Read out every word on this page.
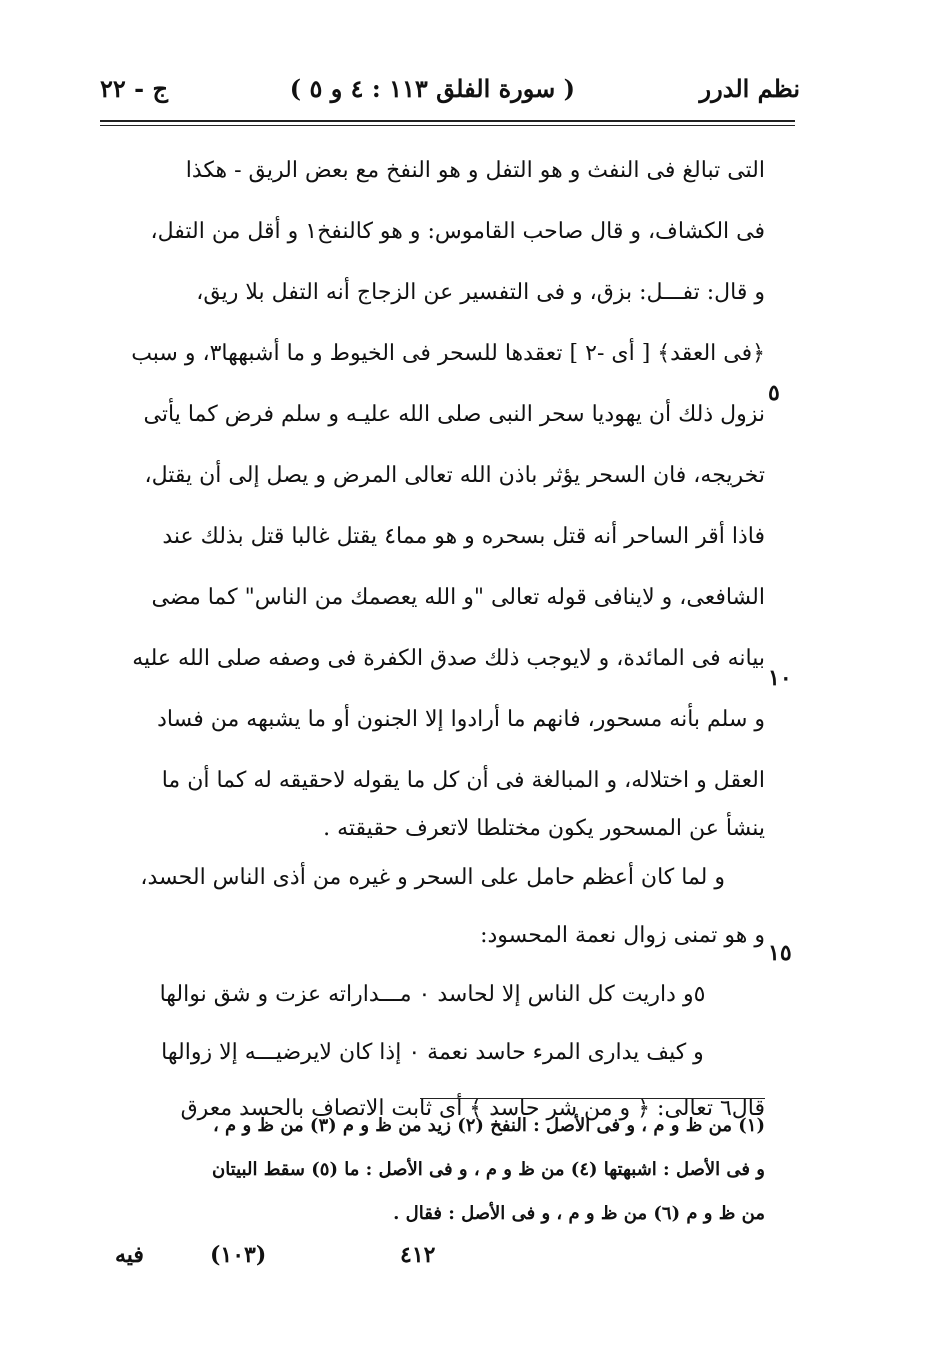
نظم الدرر
( سورة الفلق ١١٣ : ٤ و ٥ )
ج - ٢٢
التى تبالغ فى النفث و هو التفل و هو النفخ مع بعض الريق - هكذا
فى الكشاف، و قال صاحب القاموس: و هو كالنفخ١ و أقل من التفل،
و قال: تفـــل: بزق، و فى التفسير عن الزجاج أنه التفل بلا ريق،
﴿فى العقد﴾ [ أى -٢ ] تعقدها للسحر فى الخيوط و ما أشبهها٣، و سبب
نزول ذلك أن يهوديا سحر النبى صلى الله عليـه و سلم فرض كما يأتى
تخريجه، فان السحر يؤثر باذن الله تعالى المرض و يصل إلى أن يقتل،
فاذا أقر الساحر أنه قتل بسحره و هو مما٤ يقتل غالبا قتل بذلك عند
الشافعى، و لاينافى قوله تعالى "و الله يعصمك من الناس" كما مضى
بيانه فى المائدة، و لايوجب ذلك صدق الكفرة فى وصفه صلى الله عليه
و سلم بأنه مسحور، فانهم ما أرادوا إلا الجنون أو ما يشبهه من فساد
العقل و اختلاله، و المبالغة فى أن كل ما يقوله لاحقيقه له كما أن ما
ينشأ عن المسحور يكون مختلطا لاتعرف حقيقته .
و لما كان أعظم حامل على السحر و غيره من أذى الناس الحسد،
و هو تمنى زوال نعمة المحسود:
٥و داريت كل الناس إلا لحاسد ٠ مـــداراته عزت و شق نوالها
و كيف يدارى المرء حاسد نعمة ٠ إذا كان لايرضيـــه إلا زوالها
قال٦ تعالى: ﴿ و من شر حاسد ﴾ أى ثابت الاتصاف بالحسد معرق
٥
١٠
١٥
(١) من ظ و م ، و فى الأصل : النفخ (٢) زيد من ظ و م (٣) من ظ و م ،
و فى الأصل : اشبهتها (٤) من ظ و م ، و فى الأصل : ما (٥) سقط البيتان
من ظ و م (٦) من ظ و م ، و فى الأصل : فقال .
فيه	(١٠٣)	٤١٢
